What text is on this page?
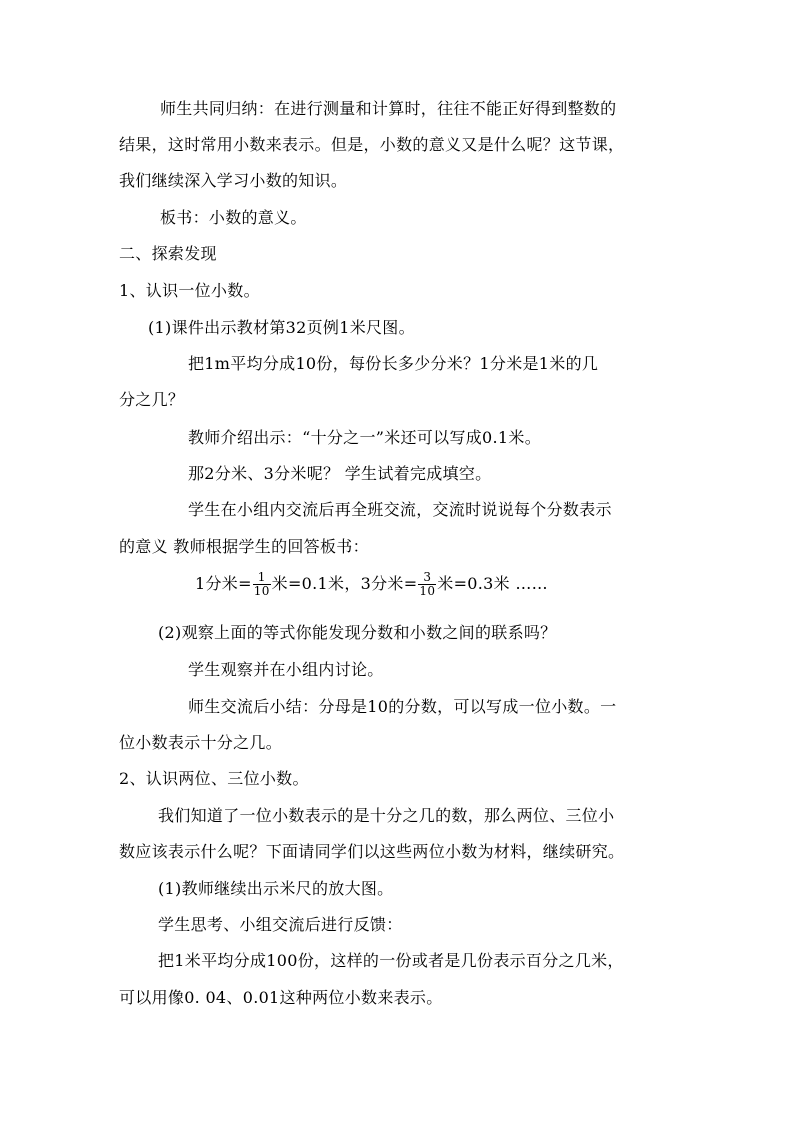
师生共同归纳：在进行测量和计算时，往往不能正好得到整数的
结果，这时常用小数来表示。但是，小数的意义又是什么呢？这节课，
我们继续深入学习小数的知识。
板书：小数的意义。
二、探索发现
1、认识一位小数。
(1)课件出示教材第32页例1米尺图。
把1m平均分成10份，每份长多少分米？1分米是1米的几
分之几？
教师介绍出示：“十分之一”米还可以写成0.1米。
那2分米、3分米呢？ 学生试着完成填空。
学生在小组内交流后再全班交流，交流时说说每个分数表示
的意义 教师根据学生的回答板书：
1分米= $\frac{1}{10}$ 米=0.1米，3分米= $\frac{3}{10}$ 米=0.3米 ……
(2)观察上面的等式你能发现分数和小数之间的联系吗？
学生观察并在小组内讨论。
师生交流后小结：分母是10的分数，可以写成一位小数。一
位小数表示十分之几。
2、认识两位、三位小数。
我们知道了一位小数表示的是十分之几的数，那么两位、三位小
数应该表示什么呢？下面请同学们以这些两位小数为材料，继续研究。
(1)教师继续出示米尺的放大图。
学生思考、小组交流后进行反馈：
把1米平均分成100份，这样的一份或者是几份表示百分之几米，
可以用像0. 04、0.01这种两位小数来表示。
